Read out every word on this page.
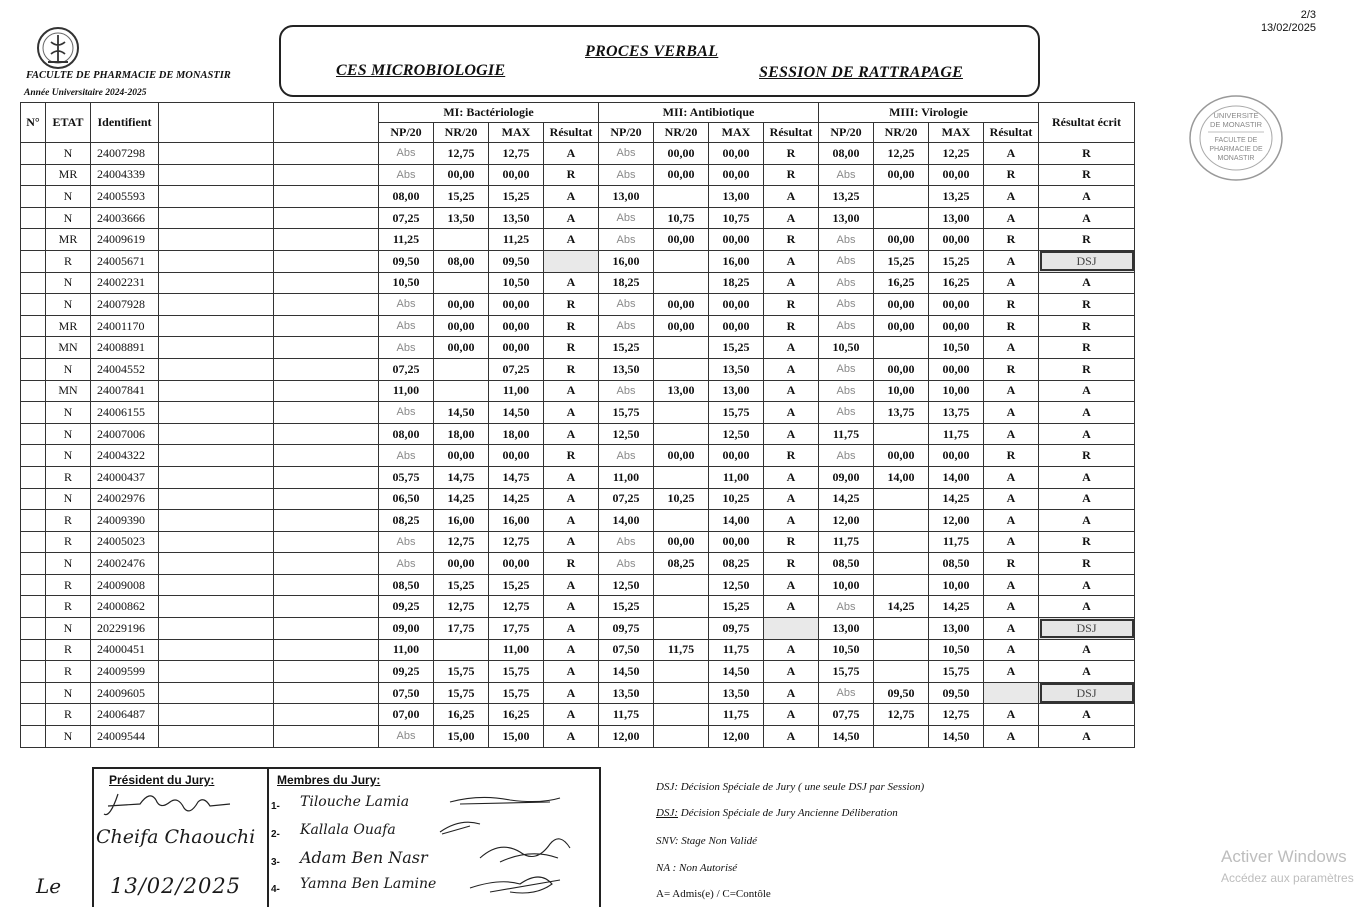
FACULTE DE PHARMACIE DE MONASTIR
Année Universitaire 2024-2025
PROCES VERBAL
CES MICROBIOLOGIE	SESSION DE RATTRAPAGE
2/3
13/02/2025
UNIVERSITE
DE MONASTIR
FACULTE DE
PHARMACIE DE
MONASTIR
N°	ETAT	Identifient			MI: Bactériologie				MII: Antibiotique				MIII: Virologie				Résultat écrit
					NP/20	NR/20	MAX	Résultat	NP/20	NR/20	MAX	Résultat	NP/20	NR/20	MAX	Résultat	
	N	24007298			Abs	12,75	12,75	A	Abs	00,00	00,00	R	08,00	12,25	12,25	A	R
	MR	24004339			Abs	00,00	00,00	R	Abs	00,00	00,00	R	Abs	00,00	00,00	R	R
	N	24005593			08,00	15,25	15,25	A	13,00		13,00	A	13,25		13,25	A	A
	N	24003666			07,25	13,50	13,50	A	Abs	10,75	10,75	A	13,00		13,00	A	A
	MR	24009619			11,25		11,25	A	Abs	00,00	00,00	R	Abs	00,00	00,00	R	R
	R	24005671			09,50	08,00	09,50		16,00		16,00	A	Abs	15,25	15,25	A	DSJ
	N	24002231			10,50		10,50	A	18,25		18,25	A	Abs	16,25	16,25	A	A
	N	24007928			Abs	00,00	00,00	R	Abs	00,00	00,00	R	Abs	00,00	00,00	R	R
	MR	24001170			Abs	00,00	00,00	R	Abs	00,00	00,00	R	Abs	00,00	00,00	R	R
	MN	24008891			Abs	00,00	00,00	R	15,25		15,25	A	10,50		10,50	A	R
	N	24004552			07,25		07,25	R	13,50		13,50	A	Abs	00,00	00,00	R	R
	MN	24007841			11,00		11,00	A	Abs	13,00	13,00	A	Abs	10,00	10,00	A	A
	N	24006155			Abs	14,50	14,50	A	15,75		15,75	A	Abs	13,75	13,75	A	A
	N	24007006			08,00	18,00	18,00	A	12,50		12,50	A	11,75		11,75	A	A
	N	24004322			Abs	00,00	00,00	R	Abs	00,00	00,00	R	Abs	00,00	00,00	R	R
	R	24000437			05,75	14,75	14,75	A	11,00		11,00	A	09,00	14,00	14,00	A	A
	N	24002976			06,50	14,25	14,25	A	07,25	10,25	10,25	A	14,25		14,25	A	A
	R	24009390			08,25	16,00	16,00	A	14,00		14,00	A	12,00		12,00	A	A
	R	24005023			Abs	12,75	12,75	A	Abs	00,00	00,00	R	11,75		11,75	A	R
	N	24002476			Abs	00,00	00,00	R	Abs	08,25	08,25	R	08,50		08,50	R	R
	R	24009008			08,50	15,25	15,25	A	12,50		12,50	A	10,00		10,00	A	A
	R	24000862			09,25	12,75	12,75	A	15,25		15,25	A	Abs	14,25	14,25	A	A
	N	20229196			09,00	17,75	17,75	A	09,75		09,75		13,00		13,00	A	DSJ
	R	24000451			11,00		11,00	A	07,50	11,75	11,75	A	10,50		10,50	A	A
	R	24009599			09,25	15,75	15,75	A	14,50		14,50	A	15,75		15,75	A	A
	N	24009605			07,50	15,75	15,75	A	13,50		13,50	A	Abs	09,50	09,50		DSJ
	R	24006487			07,00	16,25	16,25	A	11,75		11,75	A	07,75	12,75	12,75	A	A
	N	24009544			Abs	15,00	15,00	A	12,00		12,00	A	14,50		14,50	A	A
Président du Jury:	Membres du Jury:
Cheifa Chaouchi
Le 13/02/2025
1- Tilouche Lamia
2- Kallala Ouafa
3- Adam Ben Nasr
4- Yamna Ben Lamine
DSJ: Décision Spéciale de Jury ( une seule DSJ par Session)
DSJ: Décision Spéciale de Jury Ancienne Déliberation
SNV: Stage Non Validé
NA : Non Autorisé
A= Admis(e) / C=Contôle
Activer Windows
Accédez aux paramètres
